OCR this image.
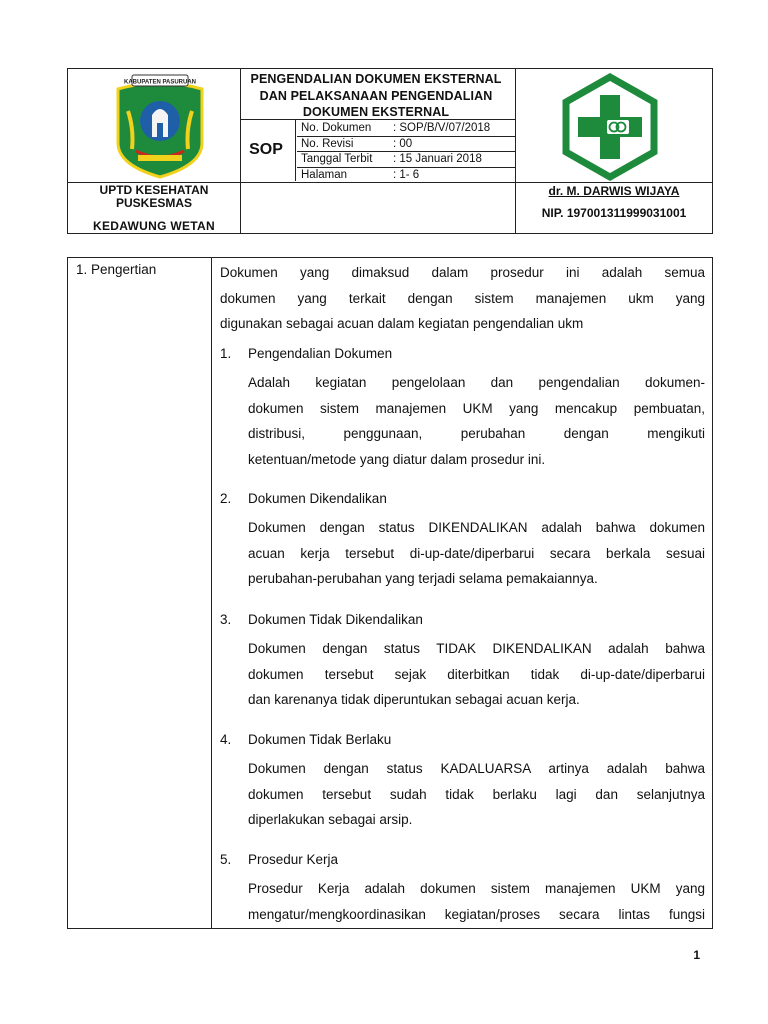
KABUPATEN PASURUAN	PENGENDALIAN DOKUMEN EKSTERNAL DAN PELAKSANAAN PENGENDALIAN DOKUMEN EKSTERNAL
SOP
No. Dokumen : SOP/B/V/07/2018
No. Revisi	: 00
Tanggal Terbit : 15 Januari 2018
Halaman	: 1- 6
UPTD KESEHATAN
PUSKESMAS
KEDAWUNG WETAN
dr. M. DARWIS WIJAYA
NIP. 197001311999031001
1. Pengertian	Dokumen yang dimaksud dalam prosedur ini adalah semua
dokumen yang terkait dengan sistem manajemen ukm yang
digunakan sebagai acuan dalam kegiatan pengendalian ukm
1. Pengendalian Dokumen
Adalah kegiatan pengelolaan dan pengendalian dokumen-
dokumen sistem manajemen UKM yang mencakup pembuatan,
distribusi, penggunaan, perubahan dengan mengikuti
ketentuan/metode yang diatur dalam prosedur ini.
2. Dokumen Dikendalikan
Dokumen dengan status DIKENDALIKAN adalah bahwa dokumen
acuan kerja tersebut di-up-date/diperbarui secara berkala sesuai
perubahan-perubahan yang terjadi selama pemakaiannya.
3. Dokumen Tidak Dikendalikan
Dokumen dengan status TIDAK DIKENDALIKAN adalah bahwa
dokumen tersebut sejak diterbitkan tidak di-up-date/diperbarui
dan karenanya tidak diperuntukan sebagai acuan kerja.
4. Dokumen Tidak Berlaku
Dokumen dengan status KADALUARSA artinya adalah bahwa
dokumen tersebut sudah tidak berlaku lagi dan selanjutnya
diperlakukan sebagai arsip.
5. Prosedur Kerja
Prosedur Kerja adalah dokumen sistem manajemen UKM yang
mengatur/mengkoordinasikan kegiatan/proses secara lintas fungsi
1
